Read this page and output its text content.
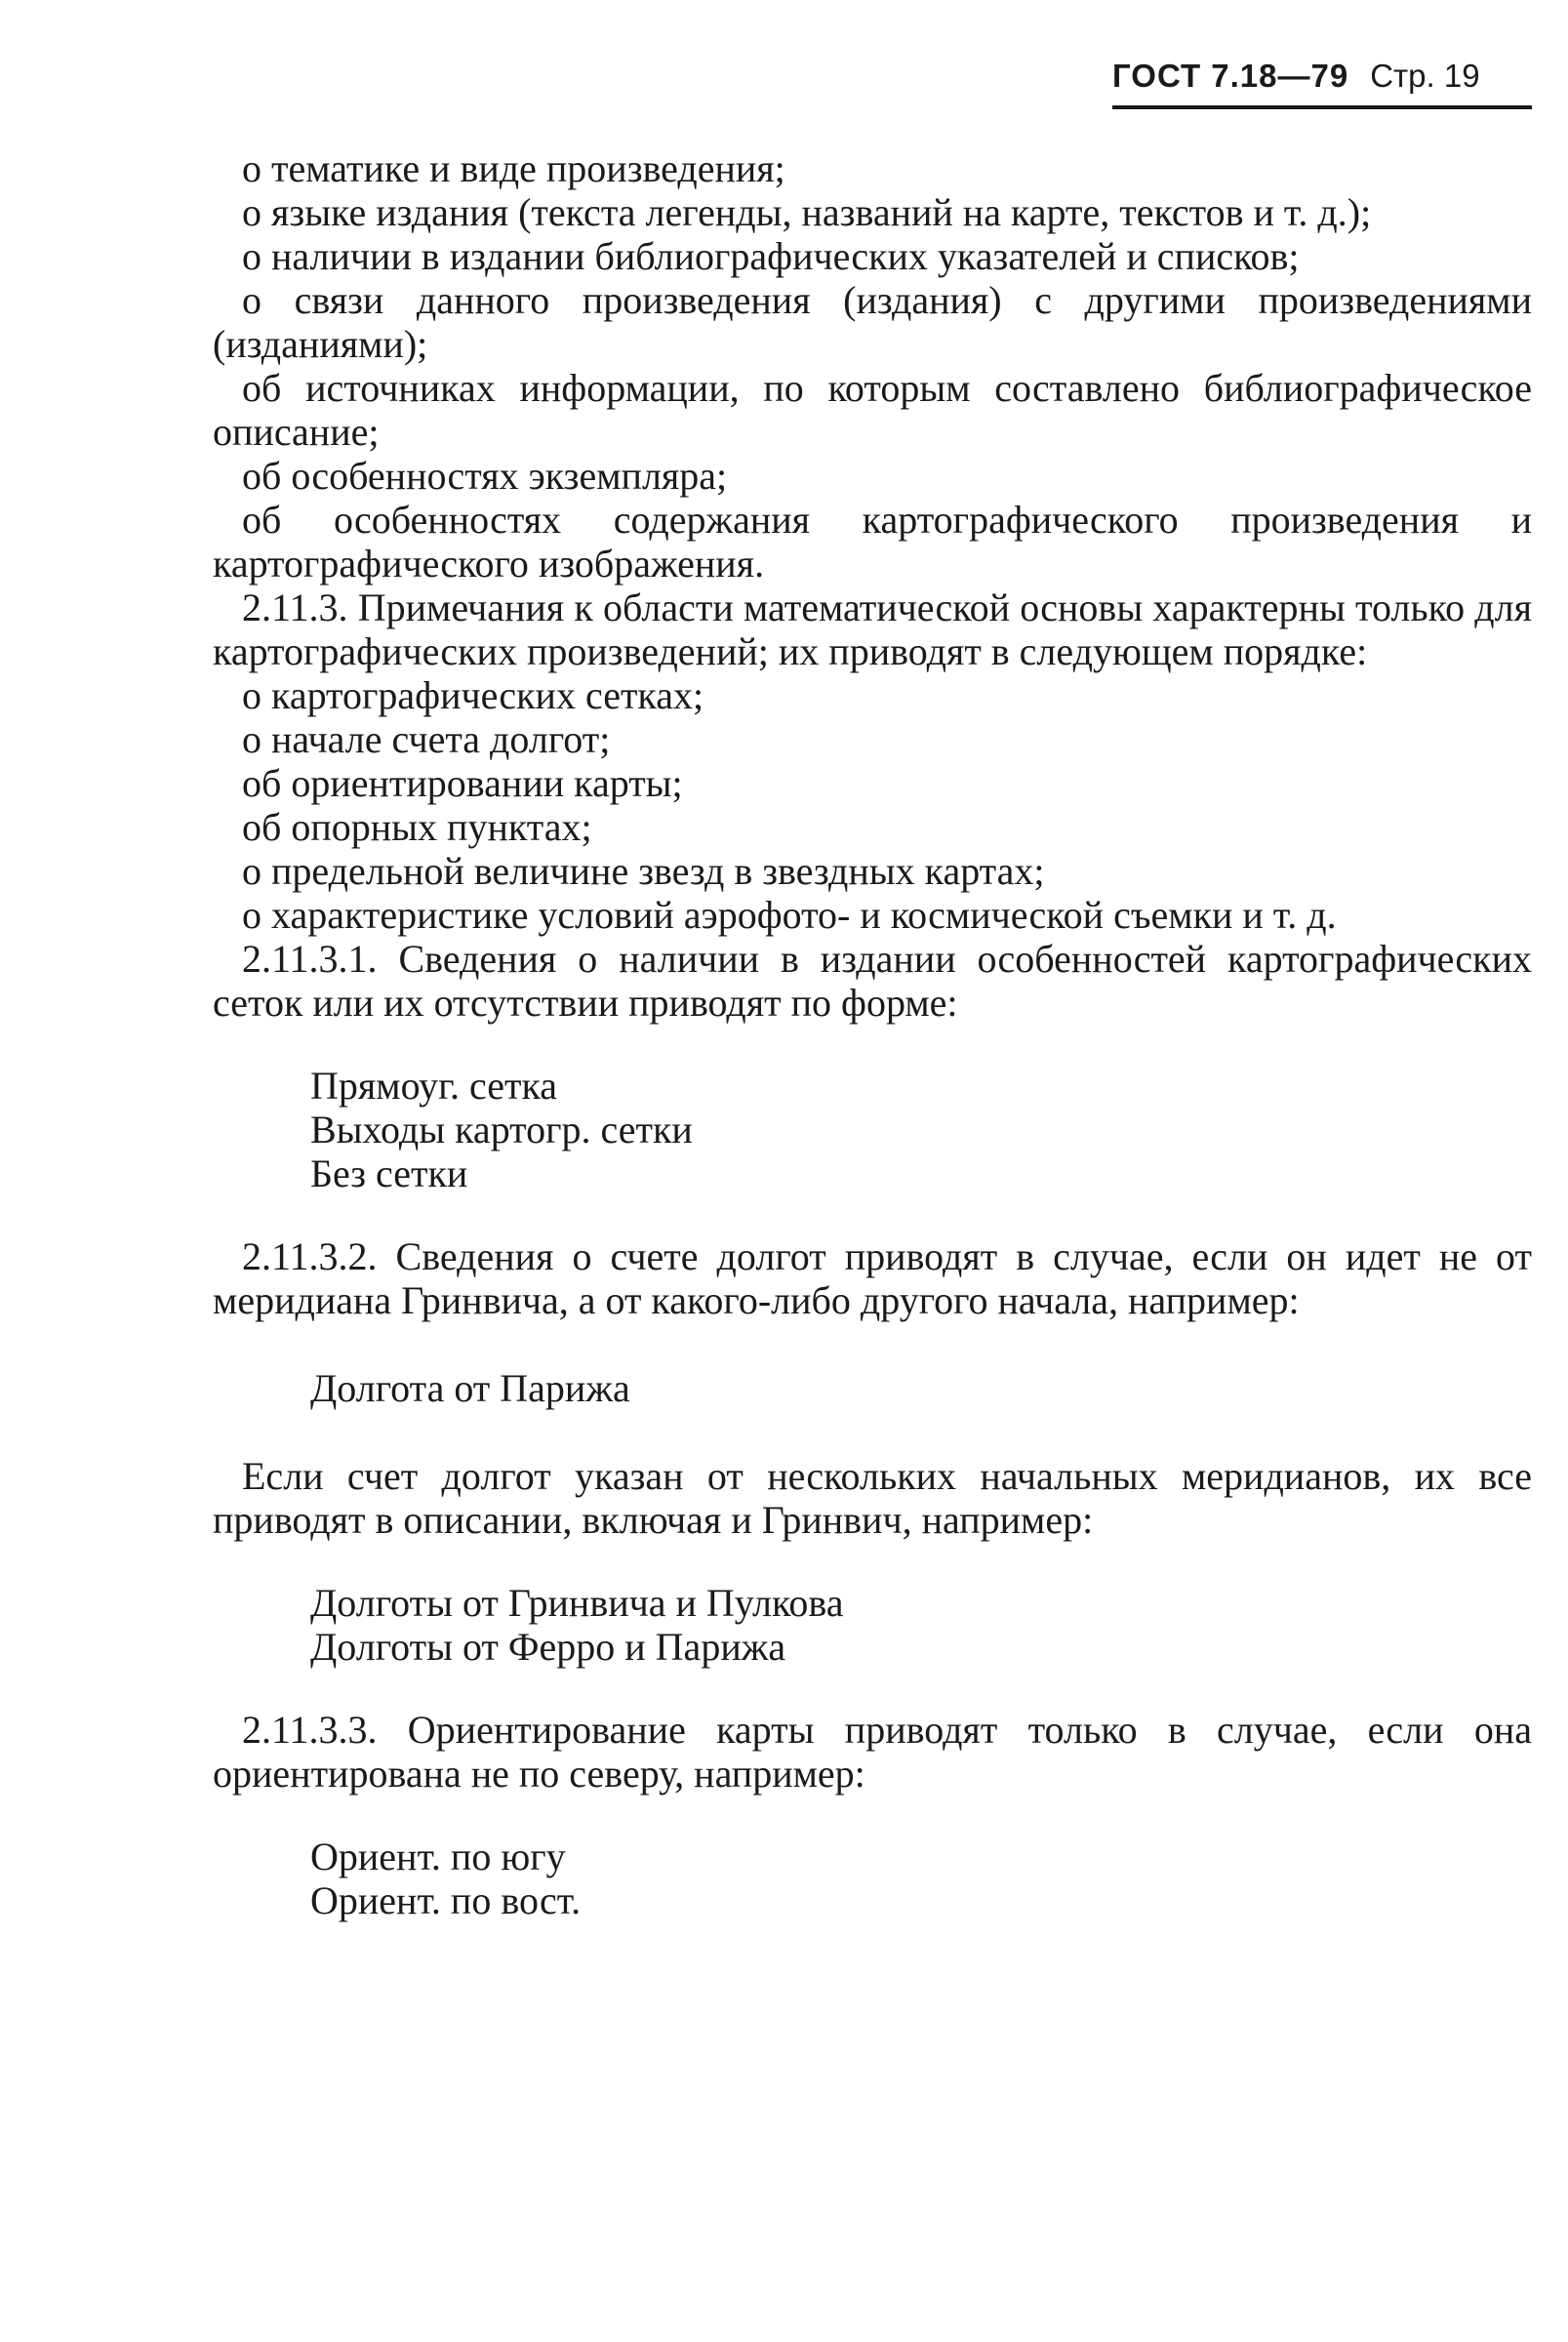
ГОСТ 7.18—79 Стр. 19

о тематике и виде произведения;

о языке издания (текста легенды, названий на карте, текстов и т. д.);

о наличии в издании библиографических указателей и списков;

о связи данного произведения (издания) с другими произведениями (изданиями);

об источниках информации, по которым составлено библиографическое описание;

об особенностях экземпляра;

об особенностях содержания картографического произведения и картографического изображения.

2.11.3. Примечания к области математической основы характерны только для картографических произведений; их приводят в следующем порядке:

о картографических сетках;

о начале счета долгот;

об ориентировании карты;

об опорных пунктах;

о предельной величине звезд в звездных картах;

о характеристике условий аэрофото- и космической съемки и т. д.

2.11.3.1. Сведения о наличии в издании особенностей картографических сеток или их отсутствии приводят по форме:

Прямоуг. сетка
Выходы картогр. сетки
Без сетки

2.11.3.2. Сведения о счете долгот приводят в случае, если он идет не от меридиана Гринвича, а от какого-либо другого начала, например:

Долгота от Парижа

Если счет долгот указан от нескольких начальных меридианов, их все приводят в описании, включая и Гринвич, например:

Долготы от Гринвича и Пулкова
Долготы от Ферро и Парижа

2.11.3.3. Ориентирование карты приводят только в случае, если она ориентирована не по северу, например:

Ориент. по югу
Ориент. по вост.
